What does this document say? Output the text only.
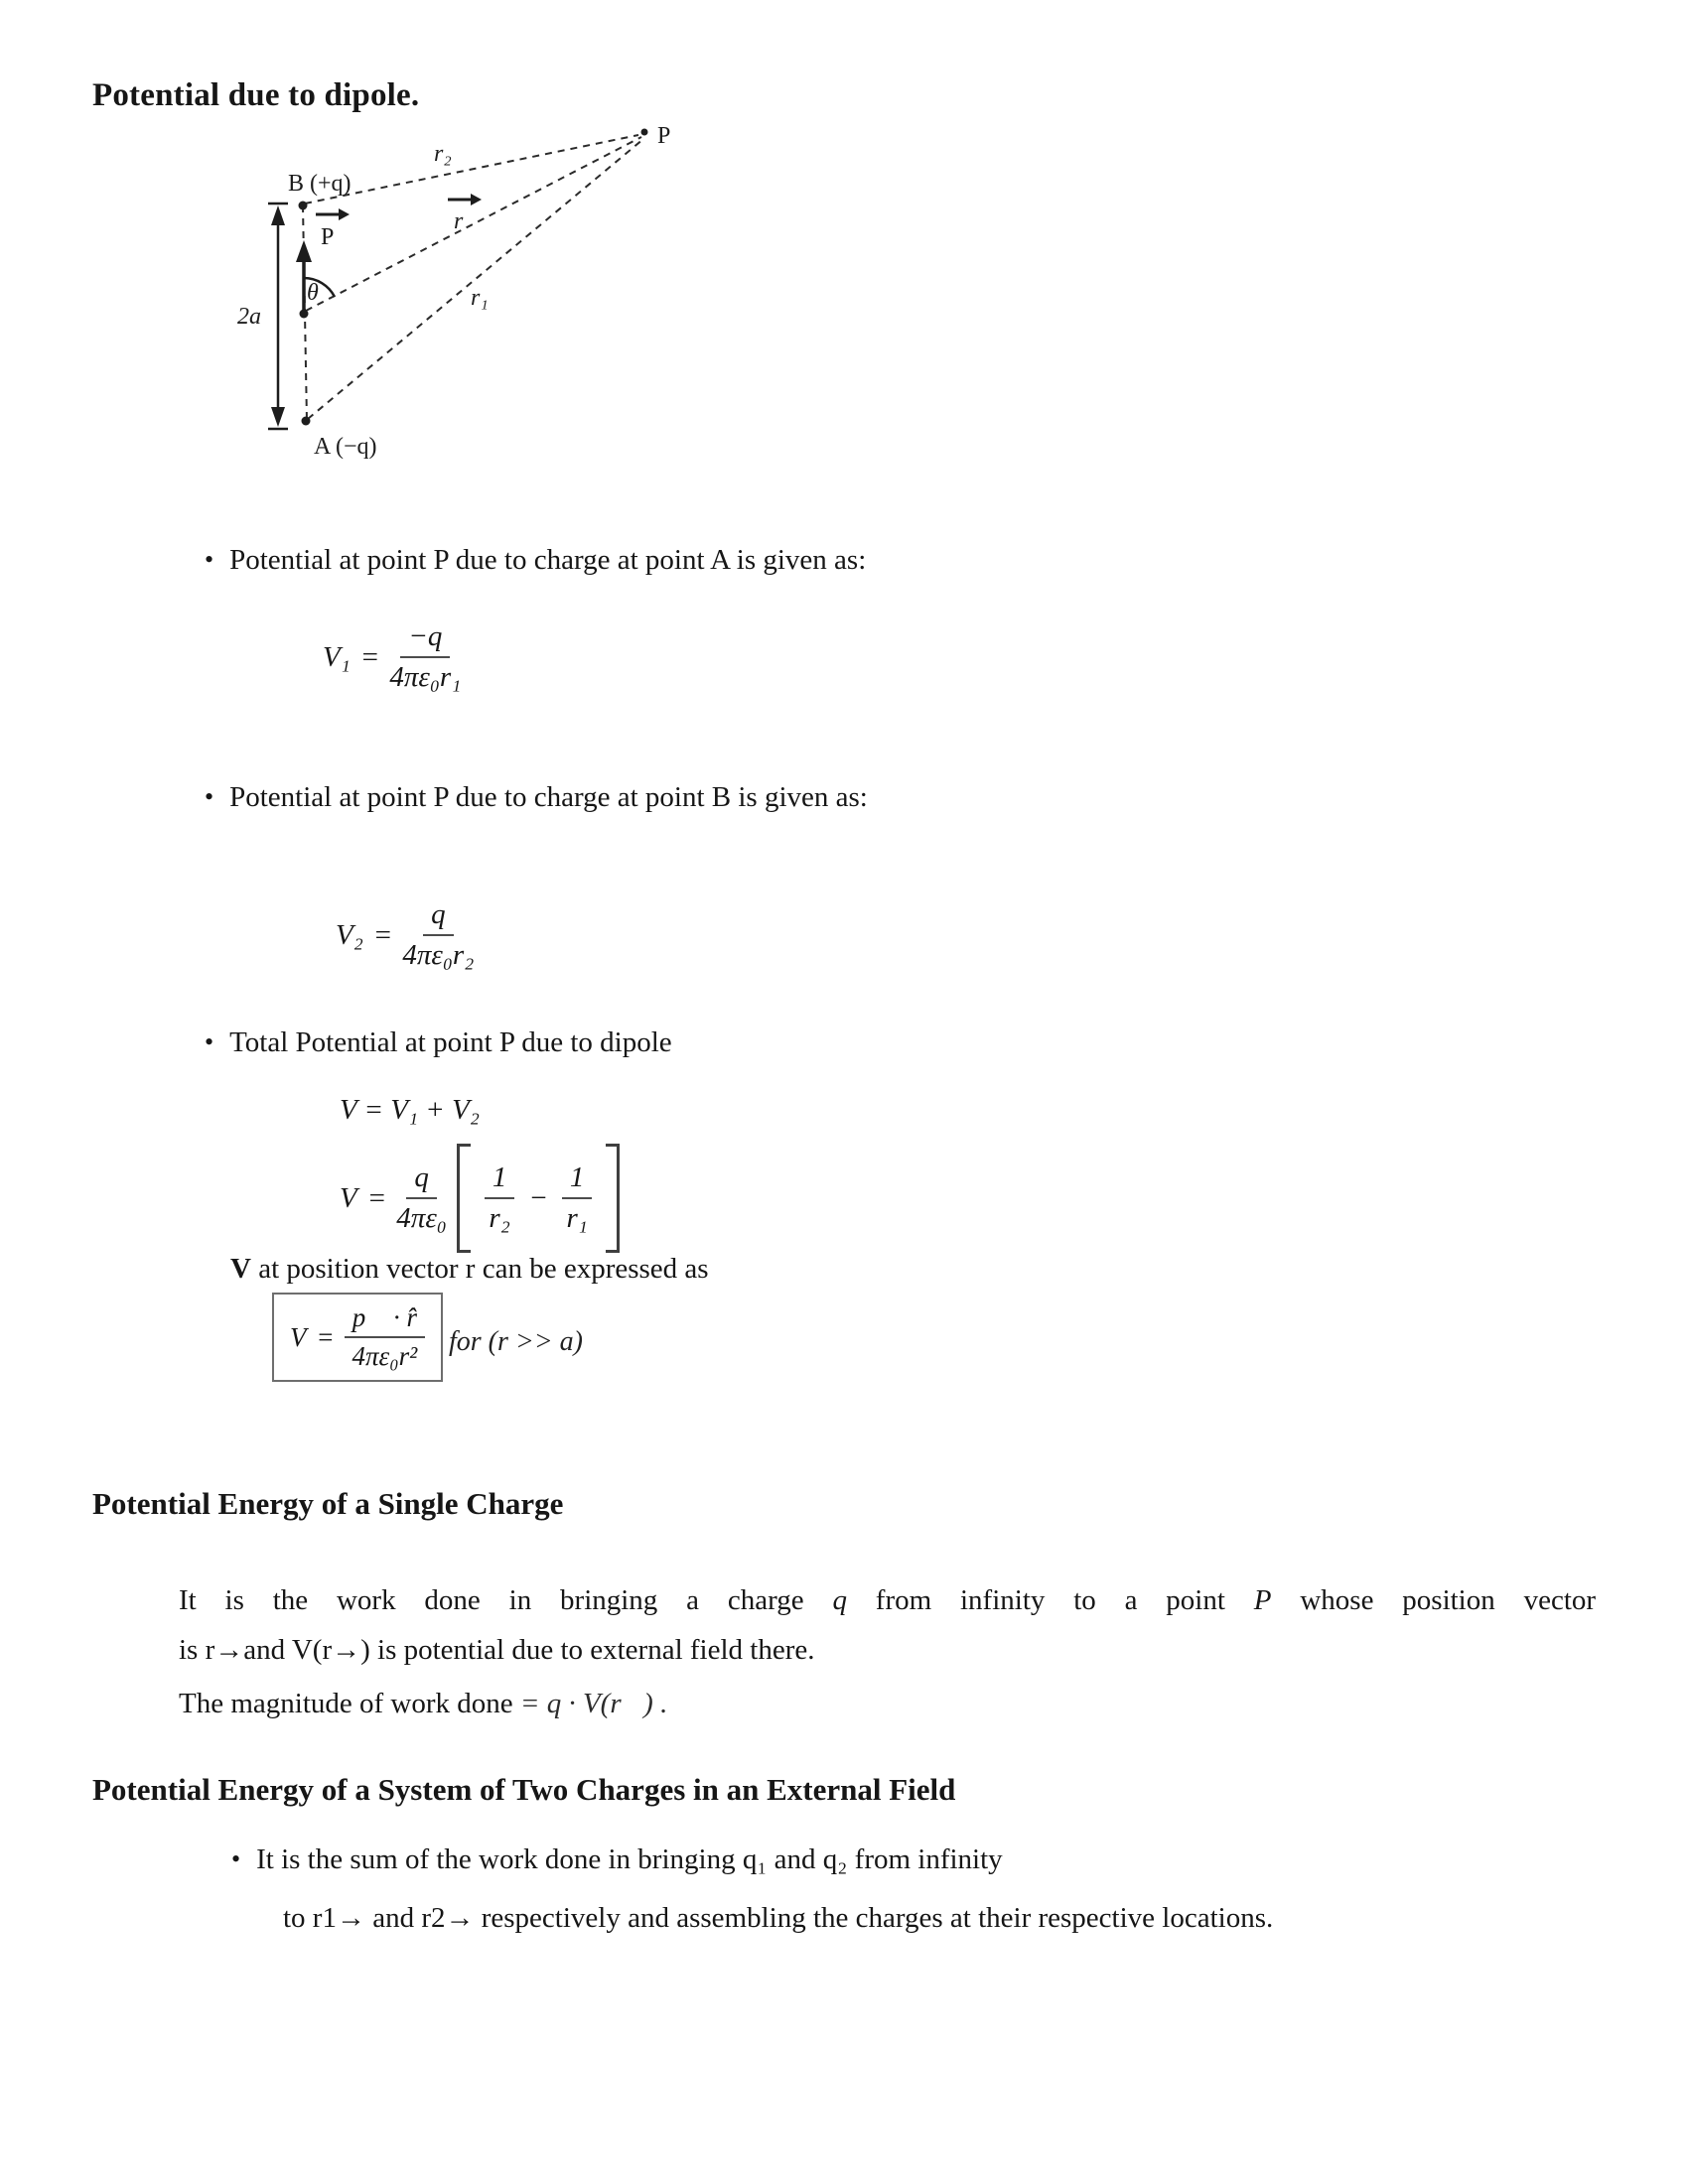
Potential due to dipole.
P
r₂
B (+q)
P
r
θ
2a
r₁
A (−q)
• Potential at point P due to charge at point A is given as:
$V_1 = \frac{-q}{\text{4πε₀r₁}}$
• Potential at point P due to charge at point B is given as:
$V_2 = \frac{q}{\text{4πε₀r₂}}$
• Total Potential at point P due to dipole
V = V₁ + V₂
$V = \frac{q}{\text{4πε₀}} \frac{1}{\text{r₂}} - \frac{1}{\text{r₁}}$
V at position vector r can be expressed as
$V = \frac{p⃗ \cdot r̂}{\text{4πε₀r²}}$ for (r >> a)
Potential Energy of a Single Charge
It is the work done in bringing a charge q from infinity to a point P whose position vector
is r→and V(r→) is potential due to external field there.
The magnitude of work done = q · V(r⃗) .
Potential Energy of a System of Two Charges in an External Field
• It is the sum of the work done in bringing q₁ and q₂ from infinity
to r1→ and r2→ respectively and assembling the charges at their respective locations.
